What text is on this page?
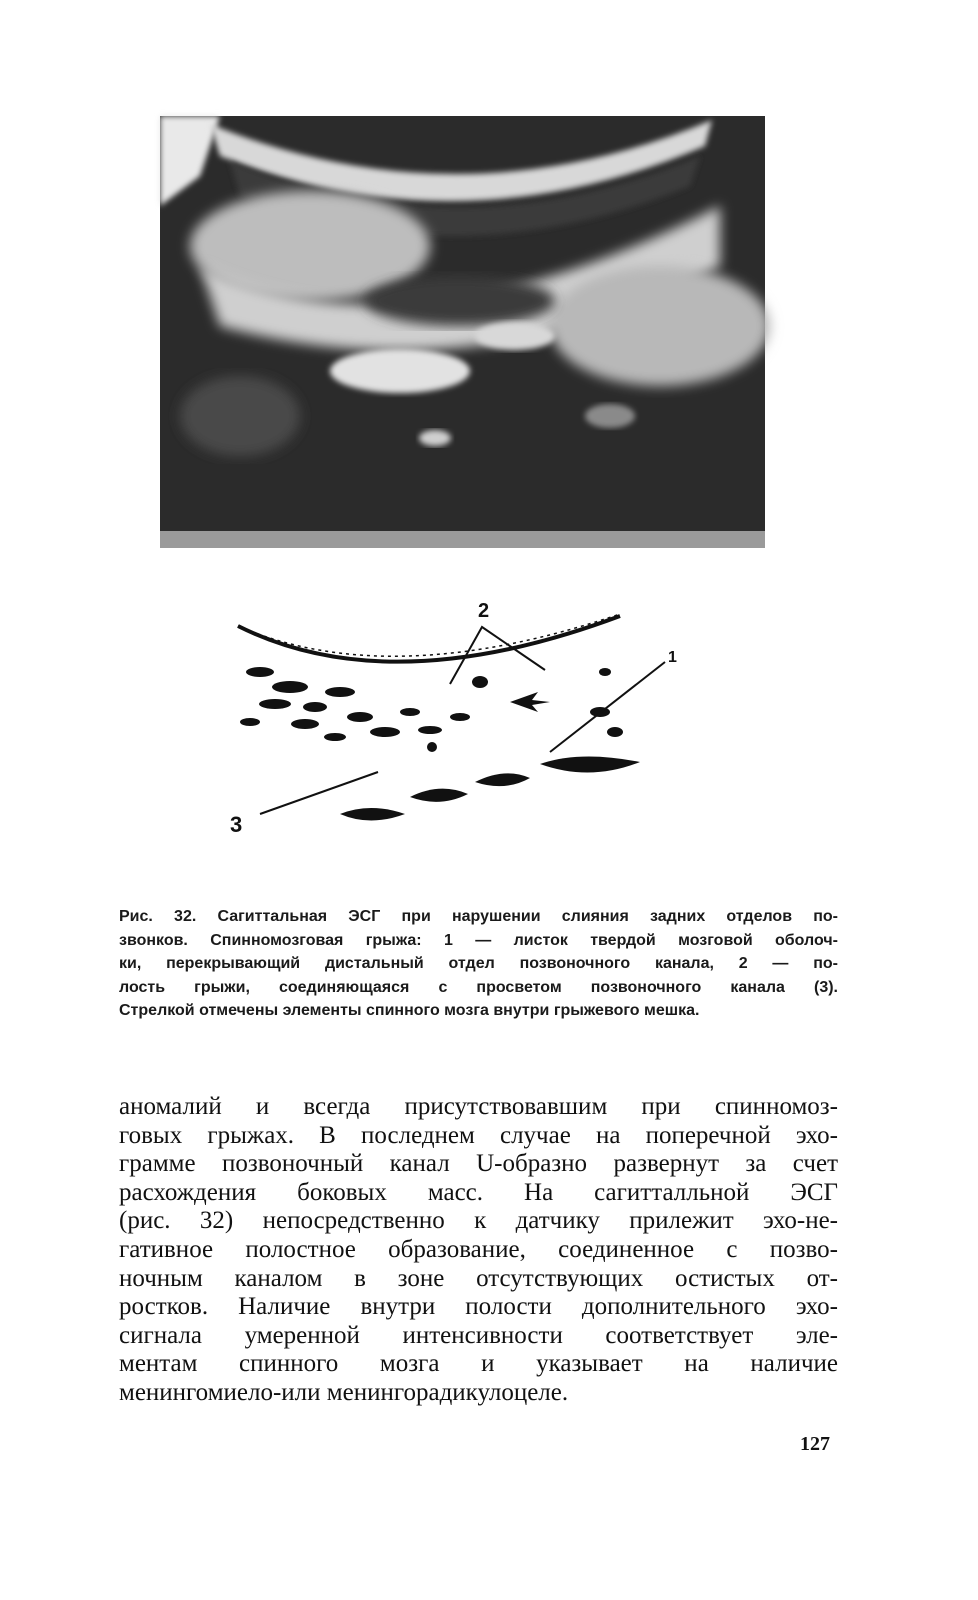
2
1
3
Рис. 32. Сагиттальная ЭСГ при нарушении слияния задних отделов по-
звонков. Спинномозговая грыжа: 1 — листок твердой мозговой оболоч-
ки, перекрывающий дистальный отдел позвоночного канала, 2 — по-
лость грыжи, соединяющаяся с просветом позвоночного канала (3).
Стрелкой отмечены элементы спинного мозга внутри грыжевого мешка.
аномалий и всегда присутствовавшим при спинномоз-
говых грыжах. В последнем случае на поперечной эхо-
грамме позвоночный канал U-образно развернут за счет
расхождения боковых масс. На сагитталльной ЭСГ
(рис. 32) непосредственно к датчику прилежит эхо-не-
гативное полостное образование, соединенное с позво-
ночным каналом в зоне отсутствующих остистых от-
ростков. Наличие внутри полости дополнительного эхо-
сигнала умеренной интенсивности соответствует эле-
ментам спинного мозга и указывает на наличие
менингомиело-или менингорадикулоцеле.
127
